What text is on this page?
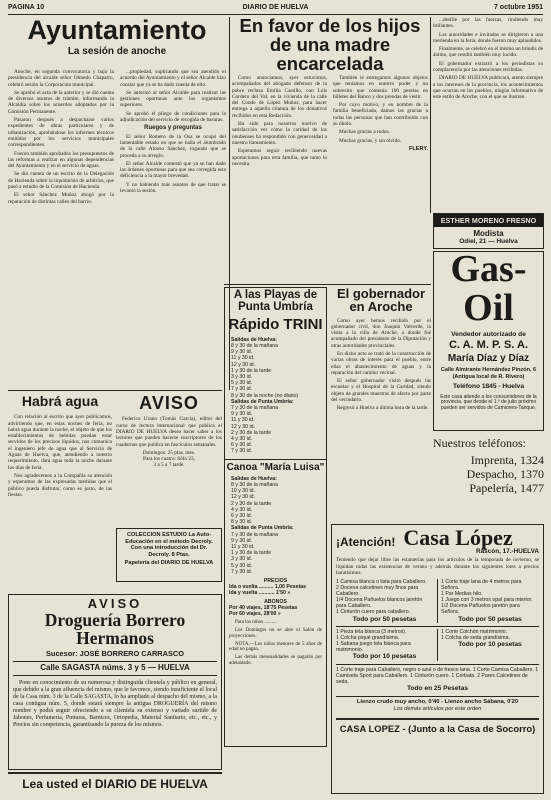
PAGINA 10	DIARIO DE HUELVA	7 octubre 1951
Ayuntamiento
La sesión de anoche

Anoche, en segunda convocatoria y bajo la presidencia del alcalde señor Olmedo Chaparro, celebró sesión la Corporación municipal.

Se aprobó el acta de la anterior y se dió cuenta de diversos asuntos de trámite, informando la Alcaldía sobre los acuerdos adoptados por la Comisión Permanente.

Pasaron después a despacharse varios expedientes de obras particulares y de urbanización, aprobándose los informes técnicos emitidos por los servicios municipales correspondientes.

Fueron también aprobados los presupuestos de las reformas a realizar en algunas dependencias del Ayuntamiento y en el servicio de aguas.

Se dió cuenta de un escrito de la Delegación de Hacienda sobre la liquidación de arbitrios, que pasó a estudio de la Comisión de Hacienda.

El señor Sánchez Muñoz abogó por la reparación de distintas calles del barrio.

...propiedad, suplicando que sea atendido el acuerdo del Ayuntamiento y el señor Alcalde hizo constar que ya se ha dado cuenta de ello.

Se autorizó al señor Alcalde para realizar las gestiones oportunas ante los organismos superiores.

Se aprobó el pliego de condiciones para la adjudicación del servicio de recogida de basuras.

Ruegos y preguntas

El señor Romero de la Osa se ocupó del lamentable estado en que se halla el alumbrado de la calle Alonso Sánchez, rogando que se proceda a su arreglo.

El señor Alcalde contestó que ya se han dado las órdenes oportunas para que sea corregida esta deficiencia a la mayor brevedad.

Y no habiendo más asuntos de que tratar se levantó la sesión.

En favor de los hijos de una madre encarcelada

Como anunciamos, ayer estuvimos, acompañados del abogado defensor de la pobre reclusa Emilia Castillo, con Luis Cordero del Val, en la vivienda de la calle del Conde de López Muñoz, para hacer entrega a aquella criatura de los donativos recibidos en esta Redacción.

Ha sido para nosotros motivo de satisfacción ver cómo la caridad de los onubenses ha respondido con generosidad a nuestro llamamiento.

Esperamos seguir recibiendo nuevas aportaciones para esta familia, que tanto lo necesita.

También le entregamos algunos objetos que teníamos en nuestro poder y un sobrecito que contenía 100 pesetas en billetes del Banco y dos prendas de vestir.

Por cuyo motivo, y en nombre de la familia beneficiada, damos las gracias a todas las personas que han contribuido con su óbolo.

Muchas gracias a todos.

Muchas gracias, y sin olvido.

FLERY.

...desfile por las fuerzas, rindiendo muy brillantes.

Las autoridades e invitados se dirigieron a una merienda en la feria, donde fueron muy aplaudidos.

Finalmente, se celebró en el mismo un brindis de ánimo, que resultó también muy lucido.

El gobernador extractó a los periodistas su complacencia por las atenciones recibidas.

DIARIO DE HUELVA publicará, atento siempre a los intereses de la provincia, los acontecimientos que ocurran en los pueblos, ningún informativo de este estilo de Aroche, con el que se ilustren.

ESTHER MORENO FRESNO
Modista
Odiel, 21 — Huelva
Gas-Oil
Vendedor autorizado de
C. A. M. P. S. A.
María Díaz y Díaz
Calle Almirante Hernández Pinzón, 6 (Antigua local de R. Rivero)
Teléfono 1845 - Huelva
Este casa atiende a los consumidores de la provincia, que desde el 1.º de julio próximo pueden ser servidos de Camiones-Tanque.
Nuestros teléfonos:
Imprenta, 1324
Despacho, 1370
Papelería, 1477
A las Playas de Punta Umbría
Rápido TRINI
Salidas de Huelva:
8 y 30 de la mañana
9 y 30 id.
11 y 30 id.
12 y 30 id.
1 y 30 de la tarde
3 y 30 id.
5 y 30 id.
7 y 30 id.
8 y 30 de la noche (no diario)
Salidas de Punta Umbría:
7 y 30 de la mañana
9 y 30 id.
11 y 30 id.
12 y 30 id.
2 y 30 de la tarde
4 y 30 id.
6 y 30 id.
7 y 30 id.
Canoa "María Luisa"
Salidas de Huelva:
8 y 30 de la mañana
10 y 30 id.
12 y 30 id.
2 y 30 de la tarde
4 y 30 id.
6 y 30 id.
8 y 30 id.
Salidas de Punta Umbría:
7 y 30 de la mañana
9 y 30 id.
11 y 30 id.
1 y 30 de la tarde
3 y 30 id.
5 y 30 id.
7 y 30 id.
PRECIOS
Ida o vuelta .......... 1,00 Pesetas
Ida y vuelta ........... 1'50 »
ABONOS
Por 40 viajes, 18'75 Pesetas
Por 60 viajes, 28'00 »

Para los niños ..........

Los Domingos no se abre el Salón de proyecciones.

NOTA.—Los niños menores de 5 años de edad no pagan.

Las demás mensualidades se pagarán por adelantado.

El gobernador en Aroche

Como ayer hemos recibido por el gobernador civil, don Joaquín Valverde, la visita a la villa de Aroche, a donde fué acompañado del presidente de la Diputación y otras autoridades provinciales.

En dicho acto se trató de la construcción de varias obras de interés para el pueblo, entre ellas el abastecimiento de aguas y la reparación del camino vecinal.

El señor gobernador visitó después las escuelas y el Hospital de la Caridad, siendo objeto de grandes muestras de afecto por parte del vecindario.

Regresó a Huelva a última hora de la tarde.

Habrá agua

Con relación al escrito que ayer publicamos, advirtiendo que, en estas noches de feria, no habrá agua durante la noche, el objeto de que los establecimientos de bebidas puedan estar servidos de los precisos líquidos, nos comunica el ingeniero jefe de agua que al Servicio de Aguas de Huelva, que, atendiendo a nuestro requerimiento, dará agua toda la noche durante los días de feria.

Nos agradecemos a la Compañía su atención y esperamos de las expresadas medidas que el público pueda disfrutar, como es justo, de las fiestas.

AVISO

Federico Urano (Tomás García), editor del curso de lectura internacional que publica el DIARIO DE HUELVA desea hacer saber a los lectores que pueden hacerse suscriptores de los cuadernos que publica en fascículos semanales.

Domingos: 25 plas. mes.
Para los cuatro: Sólo 23,
3 a 5 a 7 tarde.
COLECCION ESTUDIO La Auto-Educación en el método Decroly. Con una introducción del Dr. Decroly. 8 Ptas.
Papelería del DIARIO DE HUELVA
AVISO
Droguería Borrero Hermanos
Sucesor: JOSÉ BORRERO CARRASCO
Calle SAGASTA núms. 3 y 5 — HUELVA

Pone en conocimiento de su numerosa y distinguida clientela y público en general, que debido a la gran afluencia del mismo, que le favorece, siendo insuficiente el local de la Casa núm. 3 de la Calle SAGASTA, lo ha ampliado al despacho del mismo, a la casa contigua núm. 5, donde estará siempre la antigua DROGUERÍA del mismo nombre y podrá seguir ofreciendo a su clientela su extenso y variado surtido de Jabones, Perfumería, Pinturas, Barnices, Ortopedia, Material Sanitario, etc., etc., y Precios sin competencia, garantizando la pureza de los mismos.

Lea usted el DIARIO DE HUELVA
¡Atención! Casa López
Rascón, 17.-HUELVA
Teniendo que dejar libre las estanterías para los artículos de la temporada de invierno, se liquidan todas las existencias de verano y además durante los siguientes lotes a precios baratísimos:
1 Camisa blanca o lista para Caballero.
2 Docena calcetines muy finos para Caballero.
1/4 Docena Pañuelos blancos jaretón para Caballero.
1 Cinturón cuero para caballero.
Todo por 50 pesetas
1 Corte traje lana de 4 metros para Señora.
1 Par Medias hilo.
1 Juego con 3 metros opal para interior.
1/2 Docena Pañuelos jaretón para Señora.
Todo por 50 pesetas
1 Pieza tela blanca (3 metros).
1 Colcha piqué grandísima.
1 Sabana juego tela blanca para matrimonio.
Todo por 10 pesetas
1 Corte Colchón matrimonio.
1 Colcha de seda grandísima.
Todo por 10 pesetas
1 Corte traje para Caballero, negro o azul o de fresco lana. 1 Corte Camisa Caballero. 1 Camiseta Sport para Caballero. 1 Cinturón cuero. 1 Corbata. 2 Pares Calcetines de seda.
Todo en 25 Pesetas
Lienzo crudo muy ancho, 0'40 - Lienzo ancho Sábana, 0'20
Los demás artículos por este orden
CASA LOPEZ - (Junto a la Casa de Socorro)
